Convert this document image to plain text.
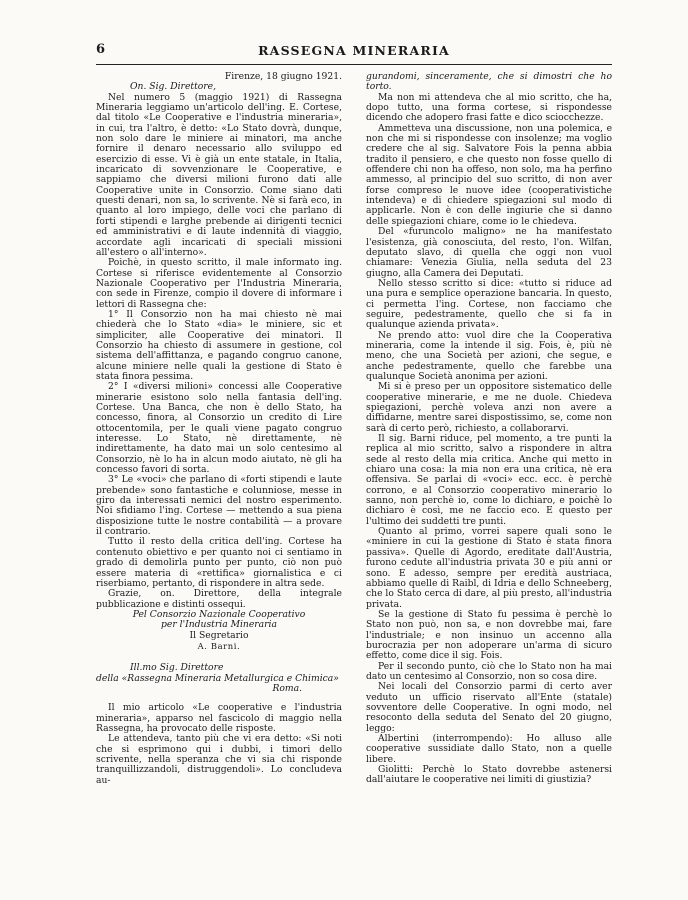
6	RASSEGNA MINERARIA

Firenze, 18 giugno 1921.

On. Sig. Direttore,

Nel numero 5 (maggio 1921) di Rassegna Mineraria leggiamo un'articolo dell'ing. E. Cortese, dal titolo «Le Cooperative e l'industria mineraria», in cui, tra l'altro, è detto: «Lo Stato dovrà, dunque, non solo dare le miniere ai minatori, ma anche fornire il denaro necessario allo sviluppo ed esercizio di esse. Vi è già un ente statale, in Italia, incaricato di sovvenzionare le Cooperative, e sappiamo che diversi milioni furono dati alle Cooperative unite in Consorzio. Come siano dati questi denari, non sa, lo scrivente. Nè si farà eco, in quanto al loro impiego, delle voci che parlano di forti stipendi e larghe prebende ai dirigenti tecnici ed amministrativi e di laute indennità di viaggio, accordate agli incaricati di speciali missioni all'estero o all'interno».

Poichè, in questo scritto, il male informato ing. Cortese si riferisce evidentemente al Consorzio Nazionale Cooperativo per l'Industria Mineraria, con sede in Firenze, compio il dovere di informare i lettori di Rassegna che:

1° Il Consorzio non ha mai chiesto nè mai chiederà che lo Stato «dia» le miniere, sic et simpliciter, alle Cooperative dei minatori. Il Consorzio ha chiesto di assumere in gestione, col sistema dell'affittanza, e pagando congruo canone, alcune miniere nelle quali la gestione di Stato è stata finora pessima.

2° I «diversi milioni» concessi alle Cooperative minerarie esistono solo nella fantasia dell'ing. Cortese. Una Banca, che non è dello Stato, ha concesso, finora, al Consorzio un credito di Lire ottocentomila, per le quali viene pagato congruo interesse. Lo Stato, nè direttamente, nè indirettamente, ha dato mai un solo centesimo al Consorzio, nè lo ha in alcun modo aiutato, nè gli ha concesso favori di sorta.

3° Le «voci» che parlano di «forti stipendi e laute prebende» sono fantastiche e colunniose, messe in giro da interessati nemici del nostro esperimento. Noi sfidiamo l'ing. Cortese — mettendo a sua piena disposizione tutte le nostre contabilità — a provare il contrario.

Tutto il resto della critica dell'ing. Cortese ha contenuto obiettivo e per quanto noi ci sentiamo in grado di demolirla punto per punto, ciò non può essere materia di «rettifica» giornalistica e ci riserbiamo, pertanto, di rispondere in altra sede.

Grazie, on. Direttore, della integrale pubblicazione e distinti ossequi.

Pel Consorzio Nazionale Cooperativo

per l'Industria Mineraria

Il Segretario

A. Barni.

Ill.mo Sig. Direttore

della «Rassegna Mineraria Metallurgica e Chimica»

Roma.

Il mio articolo «Le cooperative e l'industria mineraria», apparso nel fascicolo di maggio nella Rassegna, ha provocato delle risposte.

Le attendeva, tanto più che vi era detto: «Si noti che si esprimono qui i dubbi, i timori dello scrivente, nella speranza che vi sia chi risponde tranquillizzandoli, distruggendoli». Lo concludeva au-

gurandomi, sinceramente, che si dimostri che ho torto.

Ma non mi attendeva che al mio scritto, che ha, dopo tutto, una forma cortese, si rispondesse dicendo che adopero frasi fatte e dico sciocchezze.

Ammetteva una discussione, non una polemica, e non che mi si rispondesse con insolenze; ma voglio credere che al sig. Salvatore Fois la penna abbia tradito il pensiero, e che questo non fosse quello di offendere chi non ha offeso, non solo, ma ha perfino ammesso, al principio del suo scritto, di non aver forse compreso le nuove idee (cooperativistiche intendeva) e di chiedere spiegazioni sul modo di applicarle. Non è con delle ingiurie che si danno delle spiegazioni chiare, come io le chiedeva.

Del «furuncolo maligno» ne ha manifestato l'esistenza, già conosciuta, del resto, l'on. Wilfan, deputato slavo, di quella che oggi non vuol chiamare: Venezia Giulia, nella seduta del 23 giugno, alla Camera dei Deputati.

Nello stesso scritto si dice: «tutto si riduce ad una pura e semplice operazione bancaria. In questo, ci permetta l'ing. Cortese, non facciamo che seguire, pedestramente, quello che si fa in qualunque azienda privata».

Ne prendo atto: vuol dire che la Cooperativa mineraria, come la intende il sig. Fois, è, più nè meno, che una Società per azioni, che segue, e anche pedestramente, quello che farebbe una qualunque Società anonima per azioni.

Mi si è preso per un oppositore sistematico delle cooperative minerarie, e me ne duole. Chiedeva spiegazioni, perchè voleva anzi non avere a diffidarne, mentre sarei dispostissimo, se, come non sarà di certo però, richiesto, a collaborarvi.

Il sig. Barni riduce, pel momento, a tre punti la replica al mio scritto, salvo a rispondere in altra sede al resto della mia critica. Anche qui metto in chiaro una cosa: la mia non era una critica, nè era offensiva. Se parlai di «voci» ecc. ecc. è perchè corrono, e al Consorzio cooperativo minerario lo sanno, non perchè io, come lo dichiaro, e poichè lo dichiaro è così, me ne faccio eco. E questo per l'ultimo dei suddetti tre punti.

Quanto al primo, vorrei sapere quali sono le «miniere in cui la gestione di Stato è stata finora passiva». Quelle di Agordo, ereditate dall'Austria, furono cedute all'industria privata 30 e più anni or sono. E adesso, sempre per eredità austriaca, abbiamo quelle di Raibl, di Idria e dello Schneeberg, che lo Stato cerca di dare, al più presto, all'industria privata.

Se la gestione di Stato fu pessima è perchè lo Stato non può, non sa, e non dovrebbe mai, fare l'industriale; e non insinuo un accenno alla burocrazia per non adoperare un'arma di sicuro effetto, come dice il sig. Fois.

Per il secondo punto, ciò che lo Stato non ha mai dato un centesimo al Consorzio, non so cosa dire.

Nei locali del Consorzio parmi di certo aver veduto un ufficio riservato all'Ente (statale) sovventore delle Cooperative. In ogni modo, nel resoconto della seduta del Senato del 20 giugno, leggo:

Albertini (interrompendo): Ho alluso alle cooperative sussidiate dallo Stato, non a quelle libere.

Giolitti: Perchè lo Stato dovrebbe astenersi dall'aiutare le cooperative nei limiti di giustizia?
